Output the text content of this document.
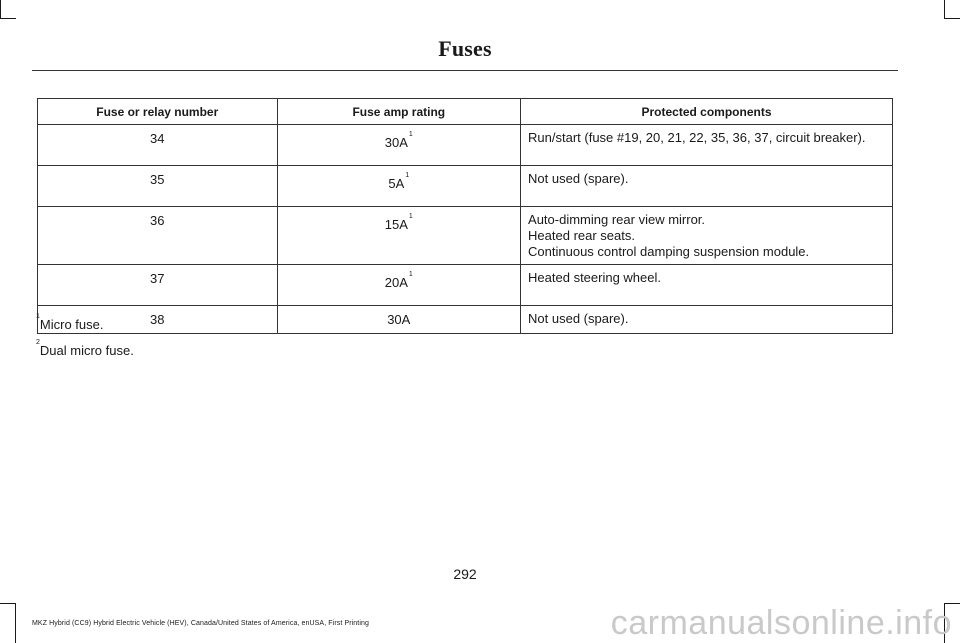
Fuses
Fuse or relay number	Fuse amp rating	Protected components
34	30A$^1$	Run/start (fuse #19, 20, 21, 22, 35, 36, 37, circuit breaker).

35	5A$^1$	Not used (spare).

36	15A$^1$	Auto-dimming rear view mirror.
Heated rear seats.
Continuous control damping suspension module.

37	20A$^1$	Heated steering wheel.

38	30A	Not used (spare).
$^1$Micro fuse.
$^2$Dual micro fuse.
292
MKZ Hybrid (CC9) Hybrid Electric Vehicle (HEV), Canada/United States of America, enUSA, First Printing	carmanualsonline.info
